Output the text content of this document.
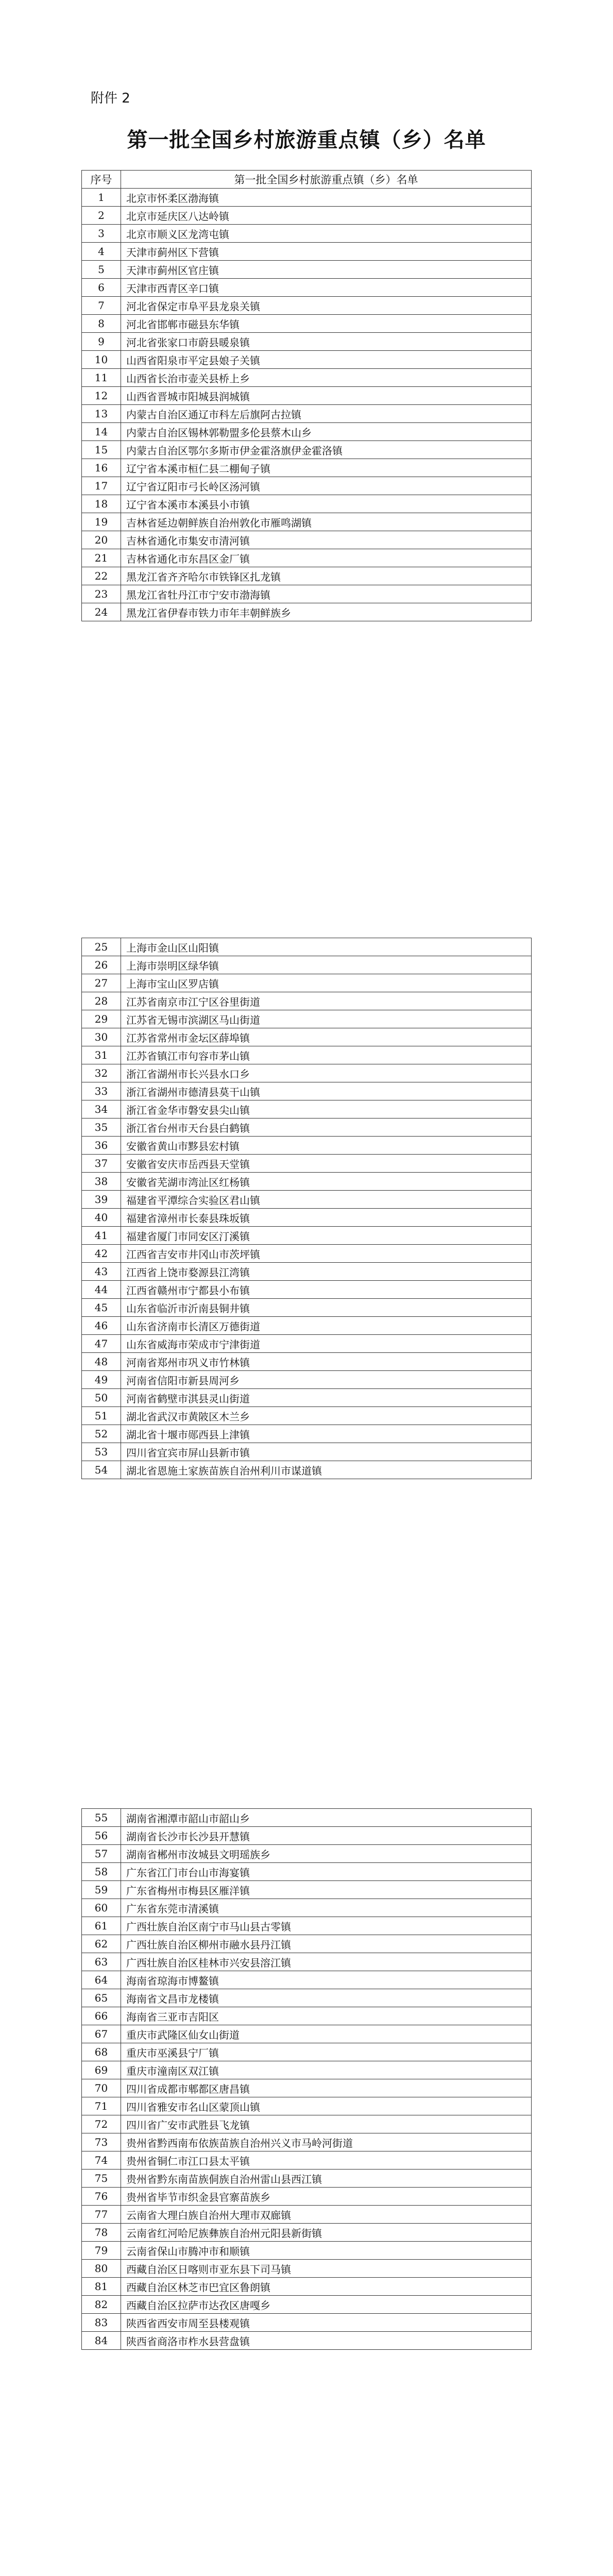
附件 2
第一批全国乡村旅游重点镇（乡）名单
序号	第一批全国乡村旅游重点镇（乡）名单
1	北京市怀柔区渤海镇
2	北京市延庆区八达岭镇
3	北京市顺义区龙湾屯镇
4	天津市蓟州区下营镇
5	天津市蓟州区官庄镇
6	天津市西青区辛口镇
7	河北省保定市阜平县龙泉关镇
8	河北省邯郸市磁县东华镇
9	河北省张家口市蔚县暖泉镇
10	山西省阳泉市平定县娘子关镇
11	山西省长治市壶关县桥上乡
12	山西省晋城市阳城县润城镇
13	内蒙古自治区通辽市科左后旗阿古拉镇
14	内蒙古自治区锡林郭勒盟多伦县蔡木山乡
15	内蒙古自治区鄂尔多斯市伊金霍洛旗伊金霍洛镇
16	辽宁省本溪市桓仁县二棚甸子镇
17	辽宁省辽阳市弓长岭区汤河镇
18	辽宁省本溪市本溪县小市镇
19	吉林省延边朝鲜族自治州敦化市雁鸣湖镇
20	吉林省通化市集安市清河镇
21	吉林省通化市东昌区金厂镇
22	黑龙江省齐齐哈尔市铁锋区扎龙镇
23	黑龙江省牡丹江市宁安市渤海镇
24	黑龙江省伊春市铁力市年丰朝鲜族乡
25	上海市金山区山阳镇
26	上海市崇明区绿华镇
27	上海市宝山区罗店镇
28	江苏省南京市江宁区谷里街道
29	江苏省无锡市滨湖区马山街道
30	江苏省常州市金坛区薛埠镇
31	江苏省镇江市句容市茅山镇
32	浙江省湖州市长兴县水口乡
33	浙江省湖州市德清县莫干山镇
34	浙江省金华市磐安县尖山镇
35	浙江省台州市天台县白鹤镇
36	安徽省黄山市黟县宏村镇
37	安徽省安庆市岳西县天堂镇
38	安徽省芜湖市湾沚区红杨镇
39	福建省平潭综合实验区君山镇
40	福建省漳州市长泰县珠坂镇
41	福建省厦门市同安区汀溪镇
42	江西省吉安市井冈山市茨坪镇
43	江西省上饶市婺源县江湾镇
44	江西省赣州市宁都县小布镇
45	山东省临沂市沂南县铜井镇
46	山东省济南市长清区万德街道
47	山东省威海市荣成市宁津街道
48	河南省郑州市巩义市竹林镇
49	河南省信阳市新县周河乡
50	河南省鹤壁市淇县灵山街道
51	湖北省武汉市黄陂区木兰乡
52	湖北省十堰市郧西县上津镇
53	四川省宜宾市屏山县新市镇
54	湖北省恩施土家族苗族自治州利川市谋道镇
55	湖南省湘潭市韶山市韶山乡
56	湖南省长沙市长沙县开慧镇
57	湖南省郴州市汝城县文明瑶族乡
58	广东省江门市台山市海宴镇
59	广东省梅州市梅县区雁洋镇
60	广东省东莞市清溪镇
61	广西壮族自治区南宁市马山县古零镇
62	广西壮族自治区柳州市融水县丹江镇
63	广西壮族自治区桂林市兴安县溶江镇
64	海南省琼海市博鳌镇
65	海南省文昌市龙楼镇
66	海南省三亚市吉阳区
67	重庆市武隆区仙女山街道
68	重庆市巫溪县宁厂镇
69	重庆市潼南区双江镇
70	四川省成都市郫都区唐昌镇
71	四川省雅安市名山区蒙顶山镇
72	四川省广安市武胜县飞龙镇
73	贵州省黔西南布依族苗族自治州兴义市马岭河街道
74	贵州省铜仁市江口县太平镇
75	贵州省黔东南苗族侗族自治州雷山县西江镇
76	贵州省毕节市织金县官寨苗族乡
77	云南省大理白族自治州大理市双廊镇
78	云南省红河哈尼族彝族自治州元阳县新街镇
79	云南省保山市腾冲市和顺镇
80	西藏自治区日喀则市亚东县下司马镇
81	西藏自治区林芝市巴宜区鲁朗镇
82	西藏自治区拉萨市达孜区唐嘎乡
83	陕西省西安市周至县楼观镇
84	陕西省商洛市柞水县营盘镇
